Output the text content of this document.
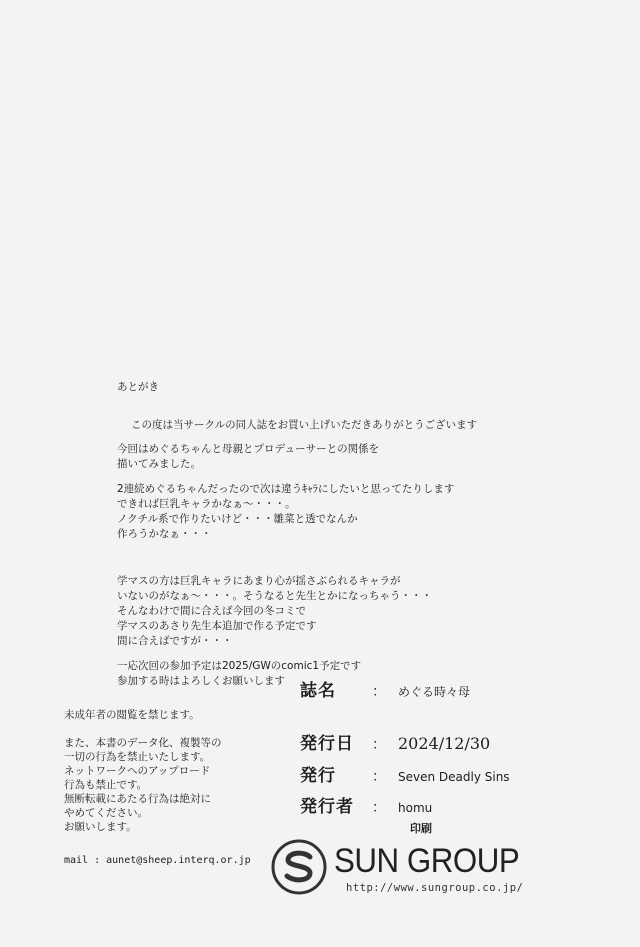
あとがき

この度は当サークルの同人誌をお買い上げいただきありがとうございます

今回はめぐるちゃんと母親とプロデューサーとの関係を
描いてみました。

2連続めぐるちゃんだったので次は違うｷｬﾗにしたいと思ってたりします
できれば巨乳キャラかなぁ～・・・。
ノクチル系で作りたいけど・・・雛菜と透でなんか
作ろうかなぁ・・・

学マスの方は巨乳キャラにあまり心が揺さぶられるキャラが
いないのがなぁ～・・・。そうなると先生とかになっちゃう・・・
そんなわけで間に合えば今回の冬コミで
学マスのあさり先生本追加で作る予定です
間に合えばですが・・・

一応次回の参加予定は2025/GWのcomic1予定です
参加する時はよろしくお願いします 誌名	：	めぐる時々母
発行日	： 2024/12/30
発行	：	Seven Deadly Sins
発行者	：	homu
印刷

未成年者の閲覧を禁じます。

また、本書のデータ化、複製等の
一切の行為を禁止いたします。
ネットワークへのアップロード
行為も禁止です。
無断転載にあたる行為は絶対に
やめてください。
お願いします。

mail : aunet@sheep.interq.or.jp	SUN GROUP
http://www.sungroup.co.jp/
